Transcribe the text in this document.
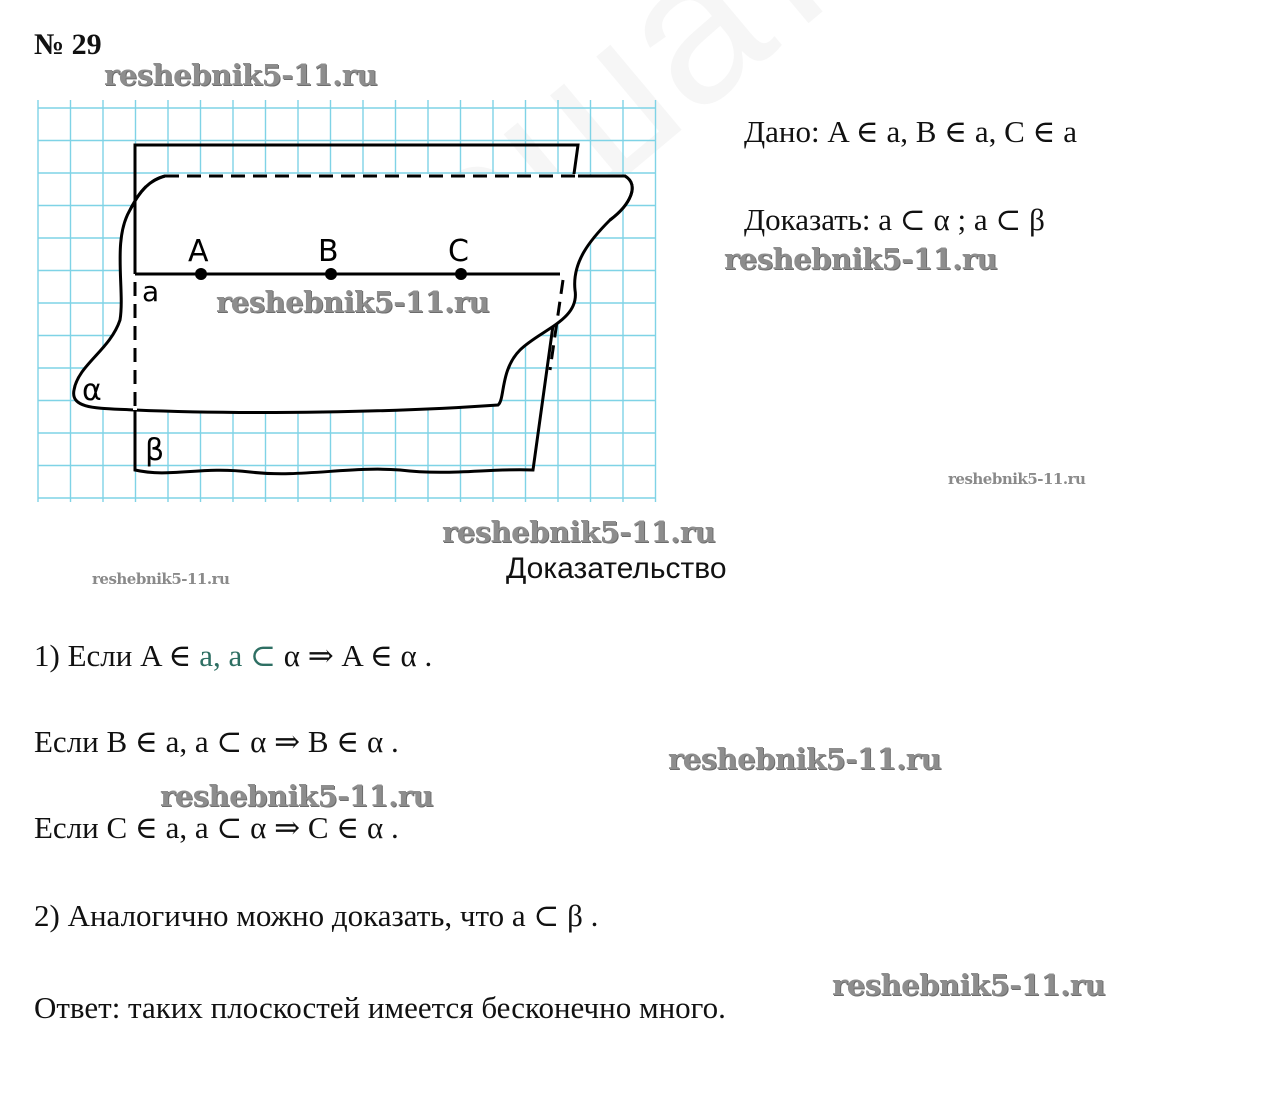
№ 29
reshebnik5-11.ru
A	B	C
a
α
β
reshebnik5-11.ru
Дано: A ∈ a, B ∈ a, C ∈ a
Доказать: a ⊂ α ; a ⊂ β
reshebnik5-11.ru
reshebnik5-11.ru
reshebnik5-11.ru
reshebnik5-11.ru	Доказательство
1) Если A ∈ a, a ⊂ α ⇒ A ∈ α .
Если B ∈ a, a ⊂ α ⇒ B ∈ α .	reshebnik5-11.ru
reshebnik5-11.ru
Если C ∈ a, a ⊂ α ⇒ C ∈ α .
2) Аналогично можно доказать, что a ⊂ β .
reshebnik5-11.ru
Ответ: таких плоскостей имеется бесконечно много.
